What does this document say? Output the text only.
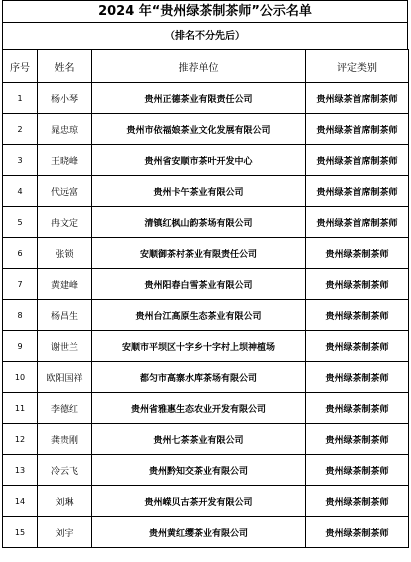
2024 年“贵州绿茶制茶师”公示名单
（排名不分先后）
序号	姓名	推荐单位	评定类别
1	杨小琴	贵州正德茶业有限责任公司	贵州绿茶首席制茶师
2	晁忠琼	贵州市依福娘茶业文化发展有限公司	贵州绿茶首席制茶师
3	王晓峰	贵州省安顺市茶叶开发中心	贵州绿茶首席制茶师
4	代远富	贵州卡午茶业有限公司	贵州绿茶首席制茶师
5	冉文定	清镇红枫山韵茶场有限公司	贵州绿茶首席制茶师
6	张锁	安顺御茶村茶业有限责任公司	贵州绿茶制茶师
7	黄建峰	贵州阳春白雪茶业有限公司	贵州绿茶制茶师
8	杨昌生	贵州台江高原生态茶业有限公司	贵州绿茶制茶师
9	谢世兰	安顺市平坝区十字乡十字村上坝神植场	贵州绿茶制茶师
10	欧阳国祥	都匀市高寨水库茶场有限公司	贵州绿茶制茶师
11	李德红	贵州省雅惠生态农业开发有限公司	贵州绿茶制茶师
12	龚贵刚	贵州七茶茶业有限公司	贵州绿茶制茶师
13	冷云飞	贵州黔知交茶业有限公司	贵州绿茶制茶师
14	刘琳	贵州嵘贝古茶开发有限公司	贵州绿茶制茶师
15	刘宇	贵州黄红缨茶业有限公司	贵州绿茶制茶师
